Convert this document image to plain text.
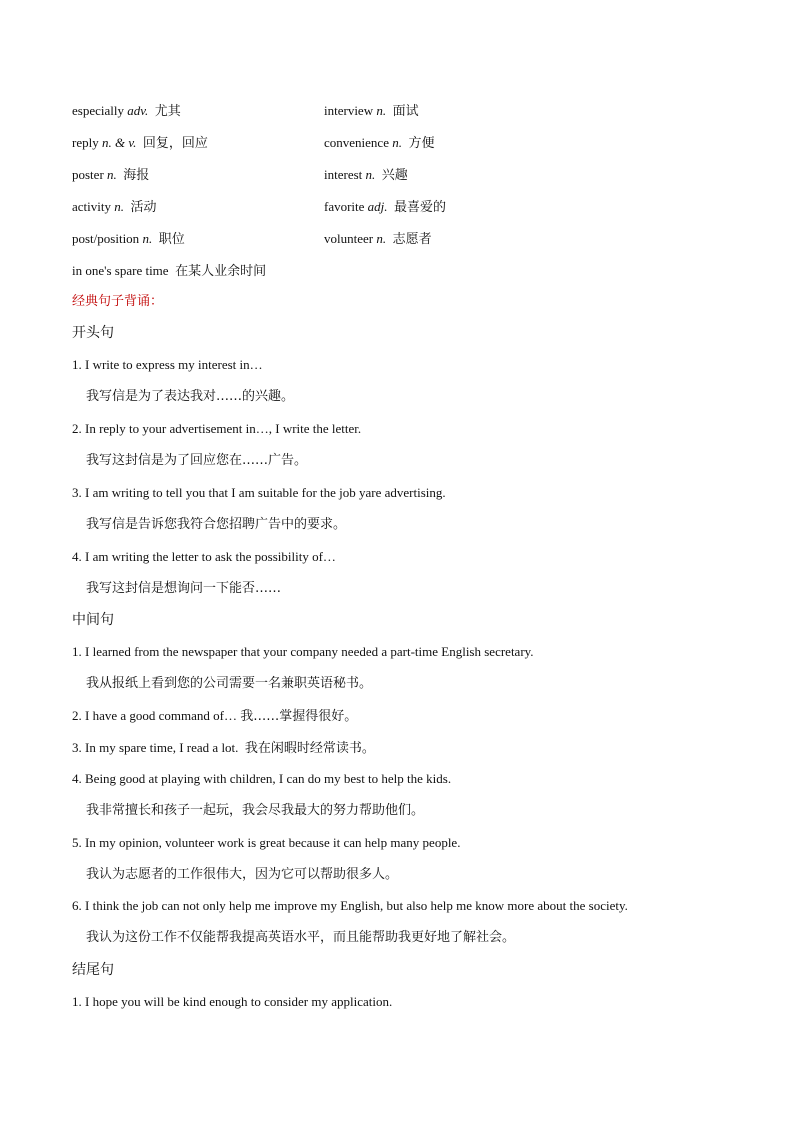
especially adv. 尤其	interview n. 面试
reply n. & v. 回复，回应	convenience n. 方便
poster n. 海报	interest n. 兴趣
activity n. 活动	favorite adj. 最喜爱的
post/position n. 职位	volunteer n. 志愿者
in one's spare time 在某人业余时间
经典句子背诵：
开头句
1. I write to express my interest in…
我写信是为了表达我对……的兴趣。
2. In reply to your advertisement in…, I write the letter.
我写这封信是为了回应您在……广告。
3. I am writing to tell you that I am suitable for the job yare advertising.
我写信是告诉您我符合您招聘广告中的要求。
4. I am writing the letter to ask the possibility of…
我写这封信是想询问一下能否……
中间句
1. I learned from the newspaper that your company needed a part-time English secretary.
我从报纸上看到您的公司需要一名兼职英语秘书。
2. I have a good command of… 我……掌握得很好。
3. In my spare time, I read a lot. 我在闲暇时经常读书。
4. Being good at playing with children, I can do my best to help the kids.
我非常擅长和孩子一起玩，我会尽我最大的努力帮助他们。
5. In my opinion, volunteer work is great because it can help many people.
我认为志愿者的工作很伟大，因为它可以帮助很多人。
6. I think the job can not only help me improve my English, but also help me know more about the society.
我认为这份工作不仅能帮我提高英语水平，而且能帮助我更好地了解社会。
结尾句
1. I hope you will be kind enough to consider my application.
